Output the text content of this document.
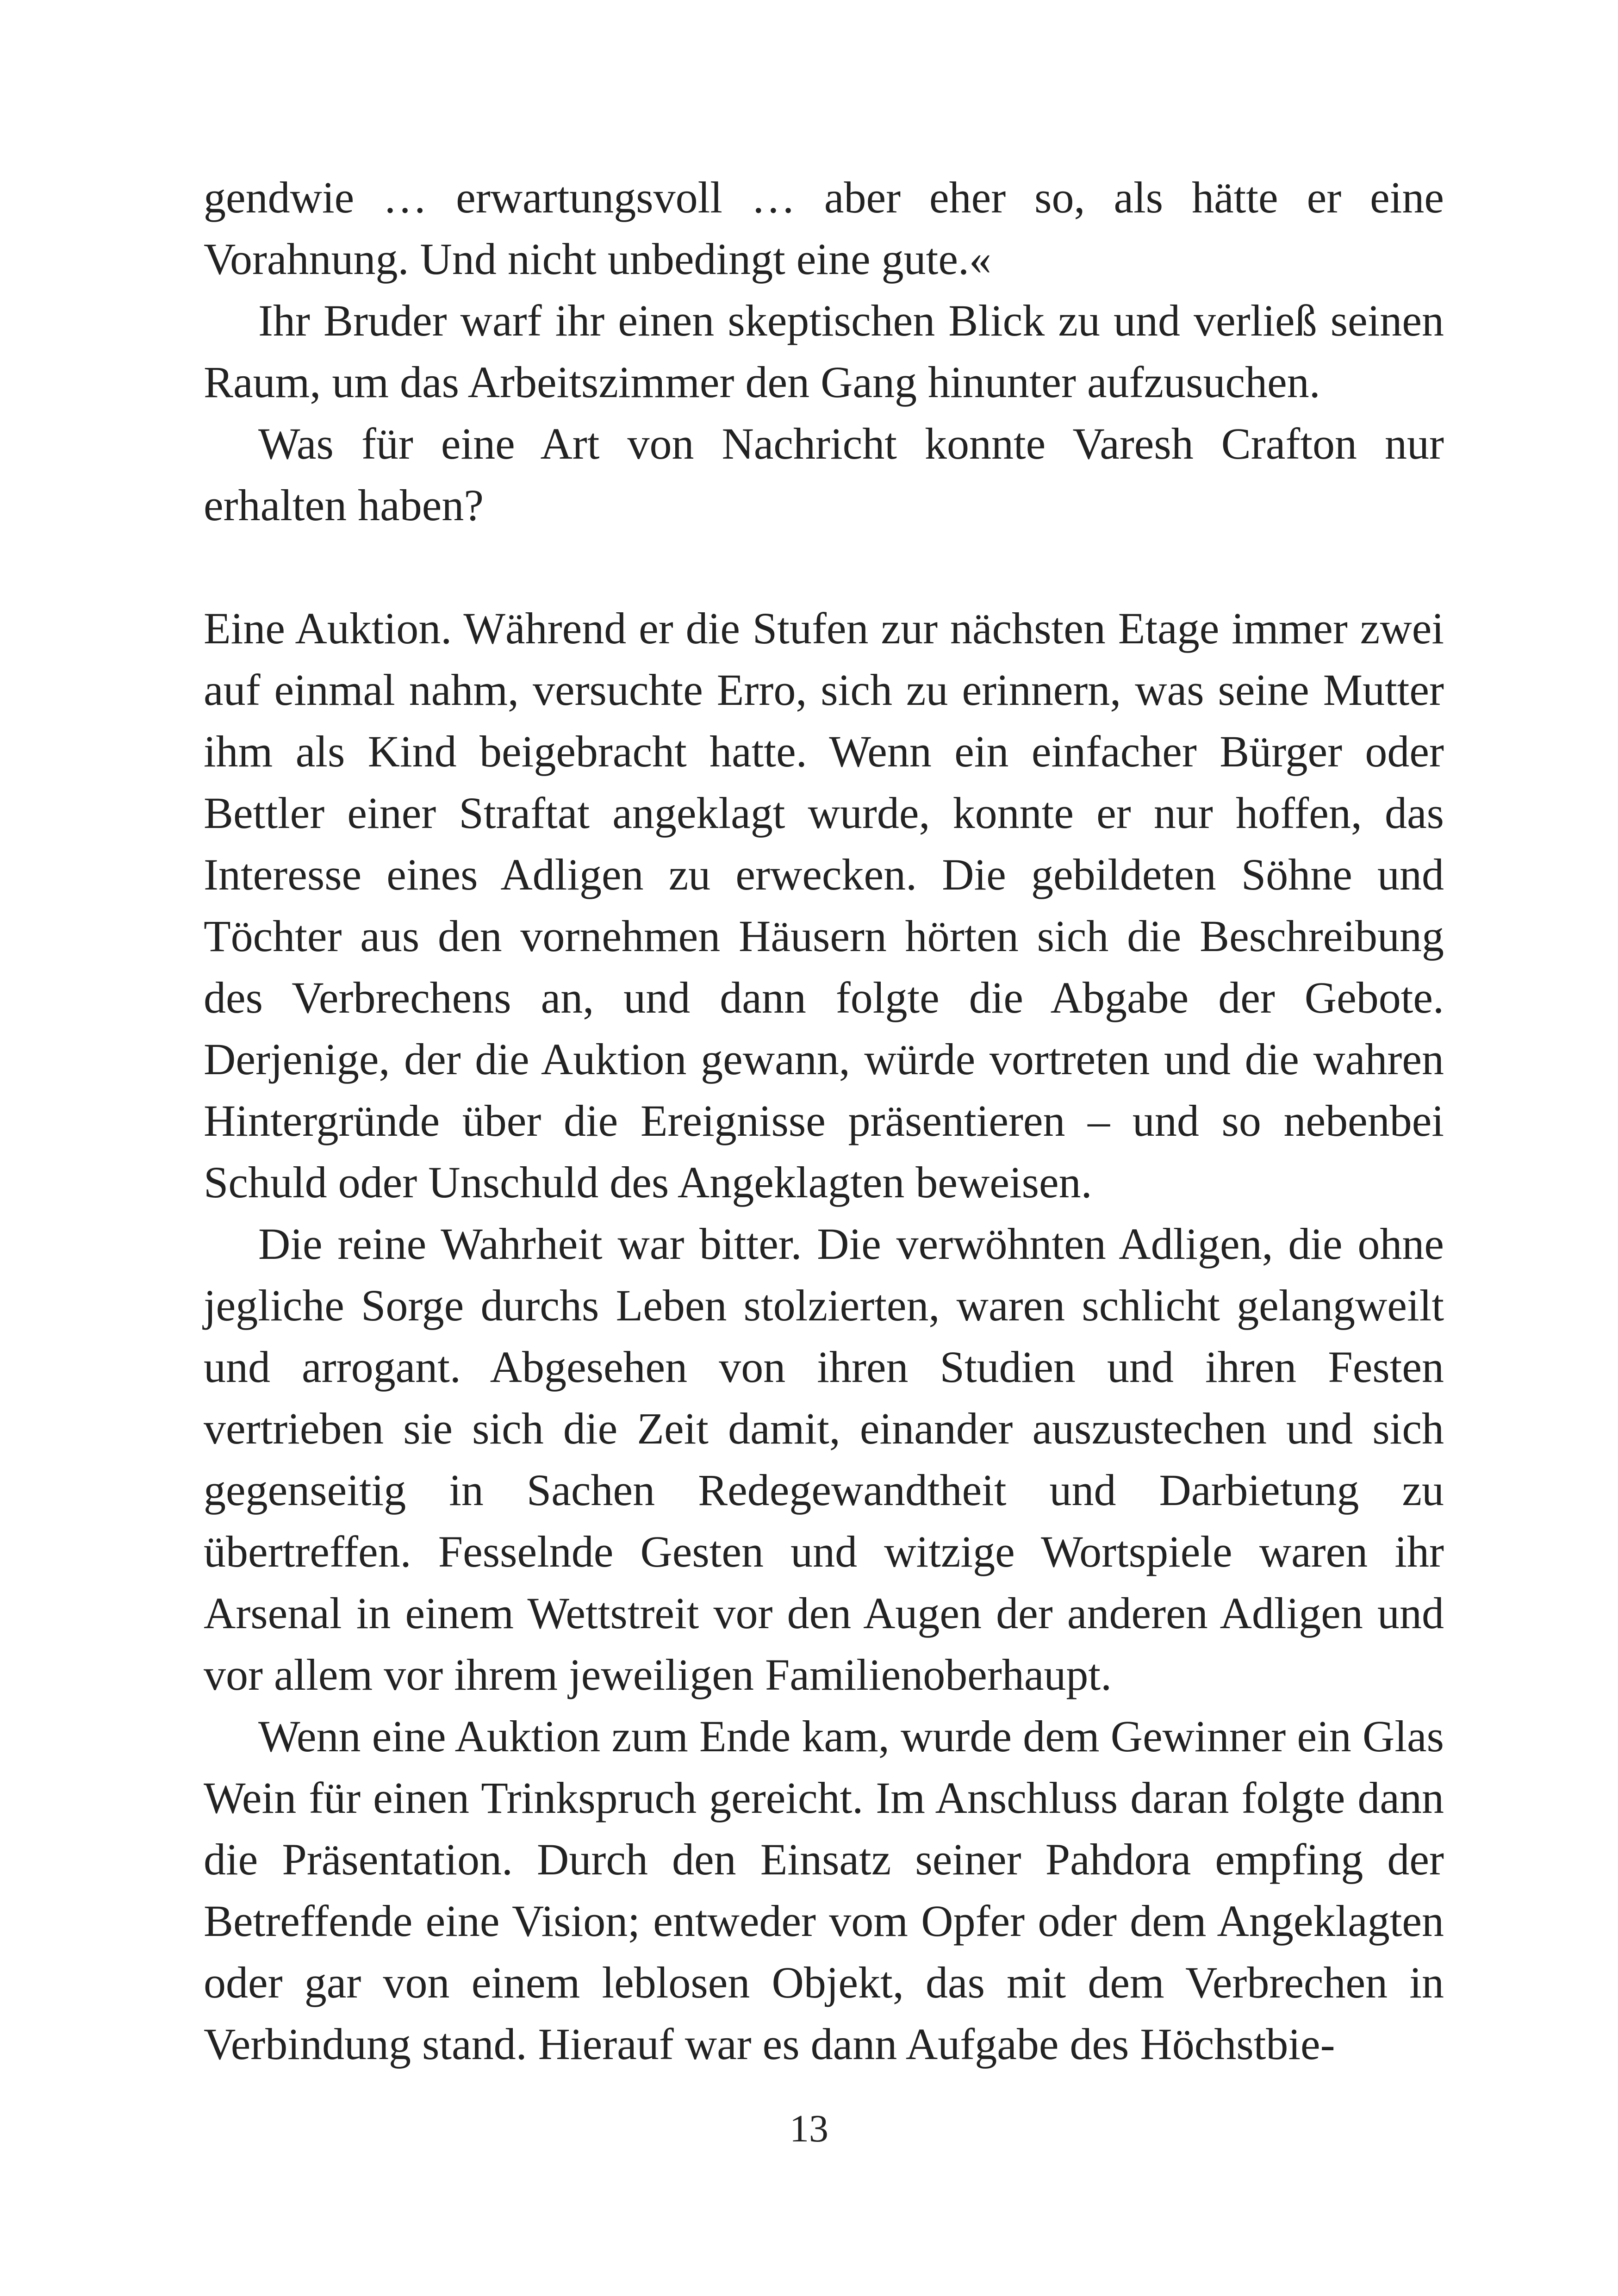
gendwie … erwartungsvoll … aber eher so, als hätte er eine Vorahnung. Und nicht unbedingt eine gute.«

Ihr Bruder warf ihr einen skeptischen Blick zu und verließ seinen Raum, um das Arbeitszimmer den Gang hinunter aufzusuchen.

Was für eine Art von Nachricht konnte Varesh Crafton nur erhalten haben?

Eine Auktion. Während er die Stufen zur nächsten Etage immer zwei auf einmal nahm, versuchte Erro, sich zu erinnern, was seine Mutter ihm als Kind beigebracht hatte. Wenn ein einfacher Bürger oder Bettler einer Straftat angeklagt wurde, konnte er nur hoffen, das Interesse eines Adligen zu erwecken. Die gebildeten Söhne und Töchter aus den vornehmen Häusern hörten sich die Beschreibung des Verbrechens an, und dann folgte die Abgabe der Gebote. Derjenige, der die Auktion gewann, würde vortreten und die wahren Hintergründe über die Ereignisse präsentieren – und so nebenbei Schuld oder Unschuld des Angeklagten beweisen.

Die reine Wahrheit war bitter. Die verwöhnten Adligen, die ohne jegliche Sorge durchs Leben stolzierten, waren schlicht gelangweilt und arrogant. Abgesehen von ihren Studien und ihren Festen vertrieben sie sich die Zeit damit, einander auszustechen und sich gegenseitig in Sachen Redegewandtheit und Darbietung zu übertreffen. Fesselnde Gesten und witzige Wortspiele waren ihr Arsenal in einem Wettstreit vor den Augen der anderen Adligen und vor allem vor ihrem jeweiligen Familienoberhaupt.

Wenn eine Auktion zum Ende kam, wurde dem Gewinner ein Glas Wein für einen Trinkspruch gereicht. Im Anschluss daran folgte dann die Präsentation. Durch den Einsatz seiner Pahdora empfing der Betreffende eine Vision; entweder vom Opfer oder dem Angeklagten oder gar von einem leblosen Objekt, das mit dem Verbrechen in Verbindung stand. Hierauf war es dann Aufgabe des Höchstbie-

13
